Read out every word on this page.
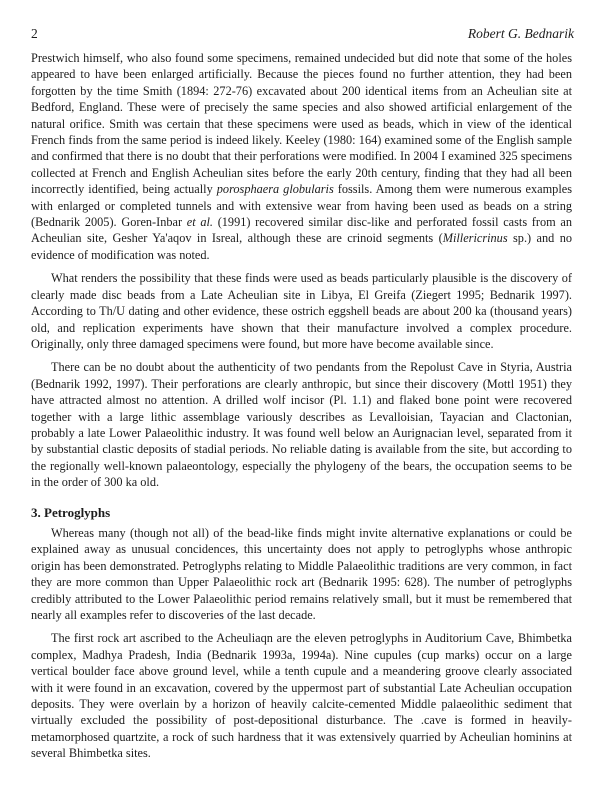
2	Robert G. Bednarik

Prestwich himself, who also found some specimens, remained undecided but did note that some of the holes appeared to have been enlarged artificially. Because the pieces found no further attention, they had been forgotten by the time Smith (1894: 272-76) excavated about 200 identical items from an Acheulian site at Bedford, England. These were of precisely the same species and also showed artificial enlargement of the natural orifice. Smith was certain that these specimens were used as beads, which in view of the identical French finds from the same period is indeed likely. Keeley (1980: 164) examined some of the English sample and confirmed that there is no doubt that their perforations were modified. In 2004 I examined 325 specimens collected at French and English Acheulian sites before the early 20th century, finding that they had all been incorrectly identified, being actually porosphaera globularis fossils. Among them were numerous examples with enlarged or completed tunnels and with extensive wear from having been used as beads on a string (Bednarik 2005). Goren-Inbar et al. (1991) recovered similar disc-like and perforated fossil casts from an Acheulian site, Gesher Ya'aqov in Isreal, although these are crinoid segments (Millericrinus sp.) and no evidence of modification was noted.

What renders the possibility that these finds were used as beads particularly plausible is the discovery of clearly made disc beads from a Late Acheulian site in Libya, El Greifa (Ziegert 1995; Bednarik 1997). According to Th/U dating and other evidence, these ostrich eggshell beads are about 200 ka (thousand years) old, and replication experiments have shown that their manufacture involved a complex procedure. Originally, only three damaged specimens were found, but more have become available since.

There can be no doubt about the authenticity of two pendants from the Repolust Cave in Styria, Austria (Bednarik 1992, 1997). Their perforations are clearly anthropic, but since their discovery (Mottl 1951) they have attracted almost no attention. A drilled wolf incisor (Pl. 1.1) and flaked bone point were recovered together with a large lithic assemblage variously describes as Levalloisian, Tayacian and Clactonian, probably a late Lower Palaeolithic industry. It was found well below an Aurignacian level, separated from it by substantial clastic deposits of stadial periods. No reliable dating is available from the site, but according to the regionally well-known palaeontology, especially the phylogeny of the bears, the occupation seems to be in the order of 300 ka old.

3. Petroglyphs

Whereas many (though not all) of the bead-like finds might invite alternative explanations or could be explained away as unusual concidences, this uncertainty does not apply to petroglyphs whose anthropic origin has been demonstrated. Petroglyphs relating to Middle Palaeolithic traditions are very common, in fact they are more common than Upper Palaeolithic rock art (Bednarik 1995: 628). The number of petroglyphs credibly attributed to the Lower Palaeolithic period remains relatively small, but it must be remembered that nearly all examples refer to discoveries of the last decade.

The first rock art ascribed to the Acheuliaqn are the eleven petroglyphs in Auditorium Cave, Bhimbetka complex, Madhya Pradesh, India (Bednarik 1993a, 1994a). Nine cupules (cup marks) occur on a large vertical boulder face above ground level, while a tenth cupule and a meandering groove clearly associated with it were found in an excavation, covered by the uppermost part of substantial Late Acheulian occupation deposits. They were overlain by a horizon of heavily calcite-cemented Middle palaeolithic sediment that virtually excluded the possibility of post-depositional disturbance. The .cave is formed in heavily-metamorphosed quartzite, a rock of such hardness that it was extensively quarried by Acheulian hominins at several Bhimbetka sites.
